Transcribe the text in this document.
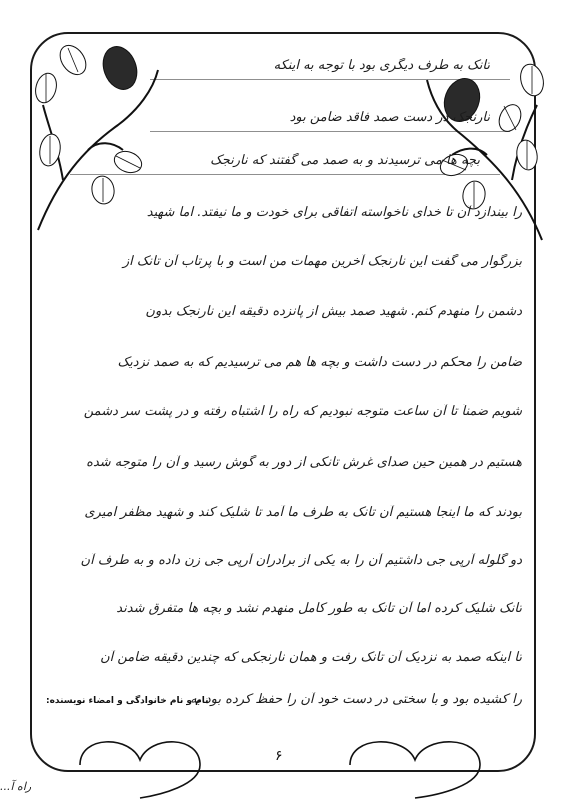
تانک به طرف دیگری بود با توجه به اینکه
نارنجک در دست صمد فاقد ضامن بود
بچه ها می ترسیدند و به صمد می گفتند که نارنجک
را بیندازد آن تا خدای ناخواسته اتفاقی برای خودت و ما نیفتد. اما شهید
بزرگوار می گفت این نارنجک آخرین مهمات من است و با پرتاب آن تانک از
دشمن را منهدم کنم. شهید صمد بیش از پانزده دقیقه این نارنجک بدون
ضامن را محکم در دست داشت و بچه ها هم می ترسیدیم که به صمد نزدیک
شویم ضمناً تا آن ساعت متوجه نبودیم که راه را اشتباه رفته و در پشت سر دشمن
هستیم در همین حین صدای غرش تانکی از دور به گوش رسید و آن را متوجه شده
بودند که ما اینجا هستیم آن تانک به طرف ما آمد تا شلیک کند و شهید مظفر امیری
دو گلوله آرپی جی داشتیم آن را به یکی از برادران آرپی جی زن داده و به طرف آن
تانک شلیک کرده اما آن تانک به طور کامل منهدم نشد و بچه ها متفرق شدند
تا اینکه صمد به نزدیک آن تانک رفت و همان نارنجکی که چندین دقیقه ضامن آن
را کشیده بود و با سختی در دست خود آن را حفظ کرده بود به
نام و نام خانوادگی و امضاء نویسنده:
۶
...راه آ
